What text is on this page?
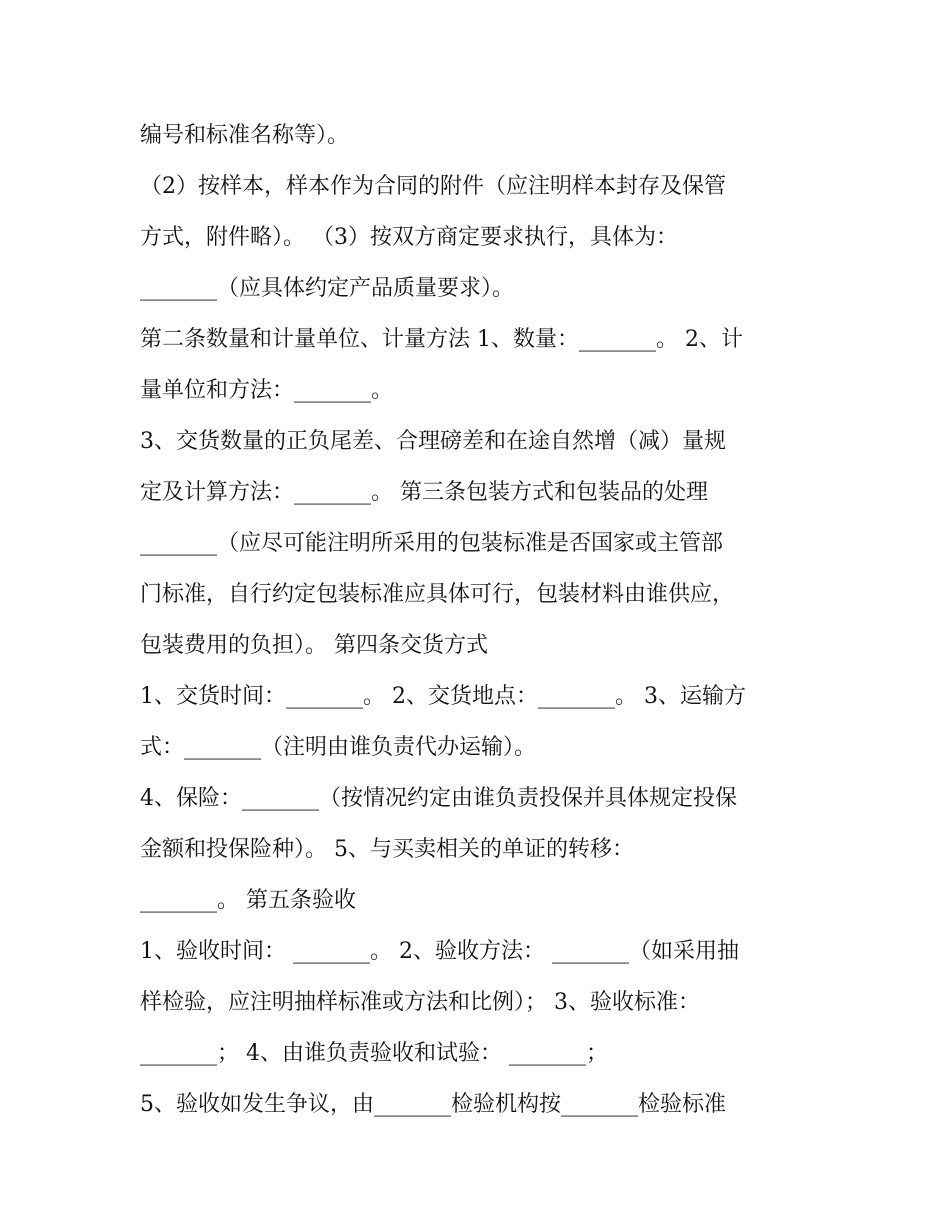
编号和标准名称等）。
（2）按样本，样本作为合同的附件（应注明样本封存及保管
方式，附件略）。 （3）按双方商定要求执行，具体为：
_______（应具体约定产品质量要求）。
第二条数量和计量单位、计量方法 1、数量：_______。 2、计
量单位和方法：_______。
3、交货数量的正负尾差、合理磅差和在途自然增（减）量规
定及计算方法：_______。 第三条包装方式和包装品的处理
_______（应尽可能注明所采用的包装标准是否国家或主管部
门标准，自行约定包装标准应具体可行，包装材料由谁供应，
包装费用的负担）。 第四条交货方式
1、交货时间：_______。 2、交货地点：_______。 3、运输方
式：_______（注明由谁负责代办运输）。
4、保险：_______（按情况约定由谁负责投保并具体规定投保
金额和投保险种）。 5、与买卖相关的单证的转移：
_______。 第五条验收
1、验收时间： _______。 2、验收方法： _______（如采用抽
样检验，应注明抽样标准或方法和比例）； 3、验收标准：
_______； 4、由谁负责验收和试验： _______；
5、验收如发生争议，由_______检验机构按_______检验标准
